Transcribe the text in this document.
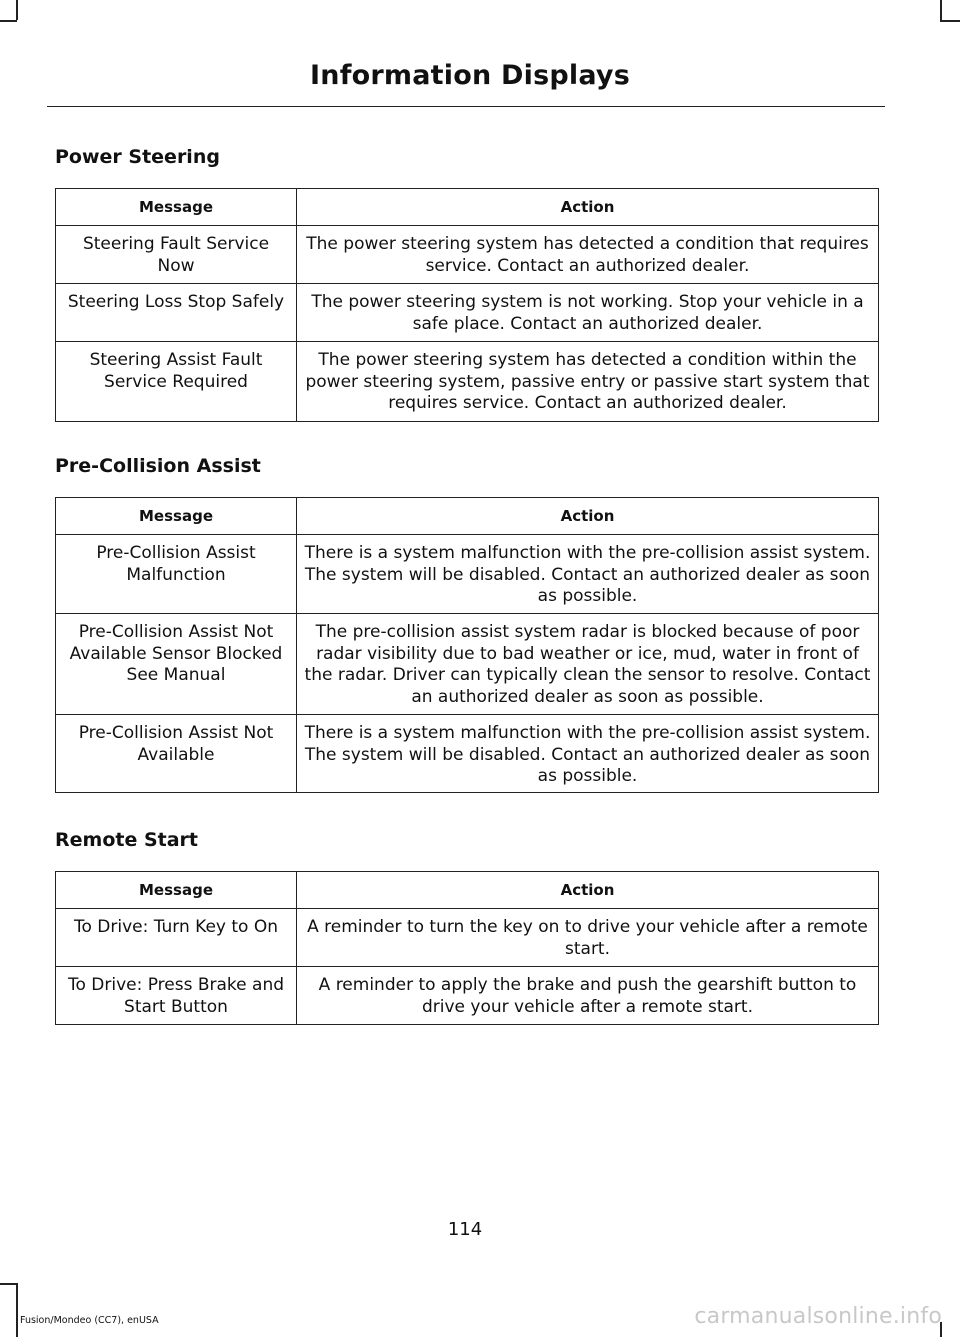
Information Displays
Power Steering
Message	Action
Steering Fault Service Now	The power steering system has detected a condition that requires service. Contact an authorized dealer.
Steering Loss Stop Safely	The power steering system is not working. Stop your vehicle in a safe place. Contact an authorized dealer.
Steering Assist Fault Service Required	The power steering system has detected a condition within the power steering system, passive entry or passive start system that requires service. Contact an authorized dealer.
Pre-Collision Assist
Message	Action
Pre-Collision Assist Malfunction	There is a system malfunction with the pre-collision assist system. The system will be disabled. Contact an authorized dealer as soon as possible.
Pre-Collision Assist Not Available Sensor Blocked See Manual	The pre-collision assist system radar is blocked because of poor radar visibility due to bad weather or ice, mud, water in front of the radar. Driver can typically clean the sensor to resolve. Contact an authorized dealer as soon as possible.
Pre-Collision Assist Not Available	There is a system malfunction with the pre-collision assist system. The system will be disabled. Contact an authorized dealer as soon as possible.
Remote Start
Message	Action
To Drive: Turn Key to On	A reminder to turn the key on to drive your vehicle after a remote start.
To Drive: Press Brake and Start Button	A reminder to apply the brake and push the gearshift button to drive your vehicle after a remote start.
114
Fusion/Mondeo (CC7), enUSA	carmanualsonline.info
